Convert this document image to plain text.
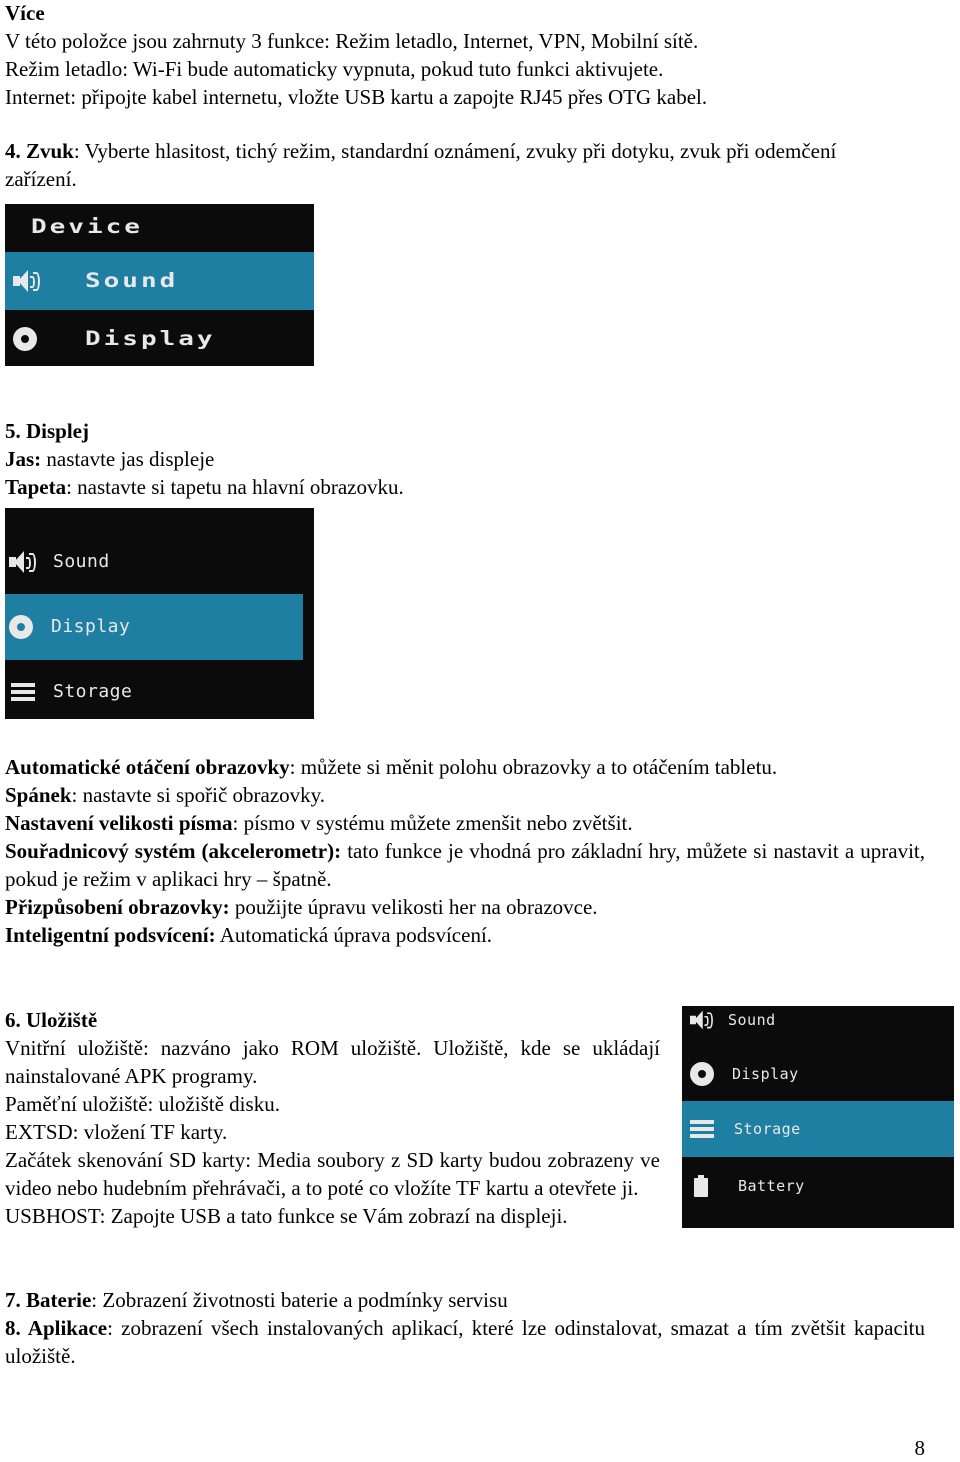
Více

V této položce jsou zahrnuty 3 funkce: Režim letadlo, Internet, VPN, Mobilní sítě.

Režim letadlo: Wi-Fi bude automaticky vypnuta, pokud tuto funkci aktivujete.

Internet: připojte kabel internetu, vložte USB kartu a zapojte RJ45 přes OTG kabel.

4. Zvuk: Vyberte hlasitost, tichý režim, standardní oznámení, zvuky při dotyku, zvuk při odemčení zařízení.

Device
Sound
Display

5. Displej

Jas: nastavte jas displeje

Tapeta: nastavte si tapetu na hlavní obrazovku.

Sound
Display
Storage

Automatické otáčení obrazovky: můžete si měnit polohu obrazovky a to otáčením tabletu.

Spánek: nastavte si spořič obrazovky.

Nastavení velikosti písma: písmo v systému můžete zmenšit nebo zvětšit.

Souřadnicový systém (akcelerometr): tato funkce je vhodná pro základní hry, můžete si nastavit a upravit, pokud je režim v aplikaci hry – špatně.

Přizpůsobení obrazovky: použijte úpravu velikosti her na obrazovce.

Inteligentní podsvícení: Automatická úprava podsvícení.

6. Uložiště

Vnitřní uložiště: nazváno jako ROM uložiště. Uložiště, kde se ukládají nainstalované APK programy.

Paměťní uložiště: uložiště disku.

EXTSD: vložení TF karty.

Začátek skenování SD karty: Media soubory z SD karty budou zobrazeny ve video nebo hudebním přehrávači, a to poté co vložíte TF kartu a otevřete ji.

USBHOST: Zapojte USB a tato funkce se Vám zobrazí na displeji.

Sound
Display
Storage
Battery

7. Baterie: Zobrazení životnosti baterie a podmínky servisu

8. Aplikace: zobrazení všech instalovaných aplikací, které lze odinstalovat, smazat a tím zvětšit kapacitu uložiště.

8
